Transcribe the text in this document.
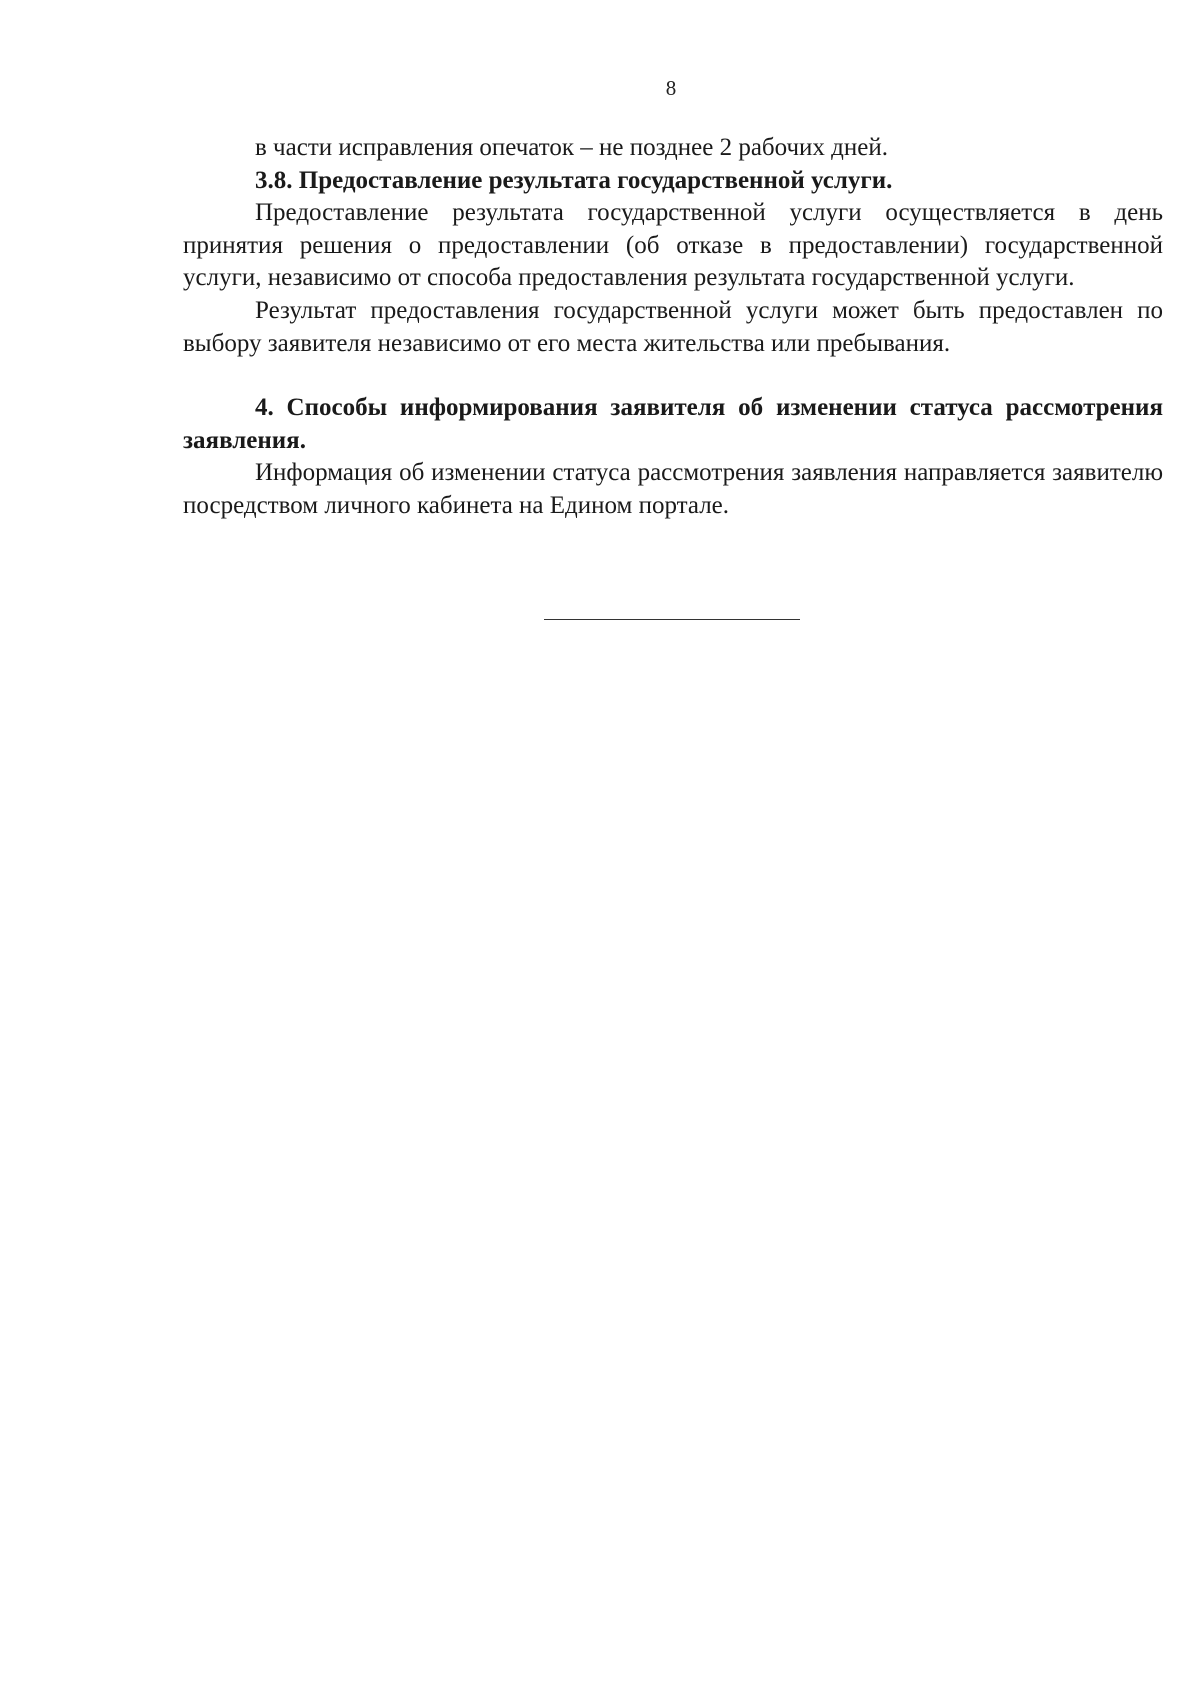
8

в части исправления опечаток – не позднее 2 рабочих дней.

3.8. Предоставление результата государственной услуги.

Предоставление результата государственной услуги осуществляется в день принятия решения о предоставлении (об отказе в предоставлении) государственной услуги, независимо от способа предоставления результата государственной услуги.

Результат предоставления государственной услуги может быть предоставлен по выбору заявителя независимо от его места жительства или пребывания.

4. Способы информирования заявителя об изменении статуса рассмотрения заявления.

Информация об изменении статуса рассмотрения заявления направляется заявителю посредством личного кабинета на Едином портале.
